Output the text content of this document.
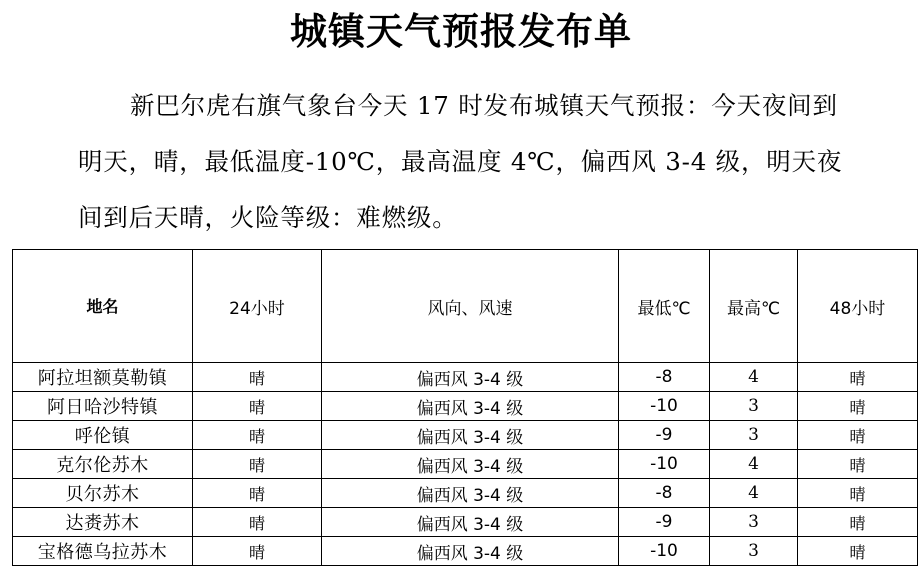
城镇天气预报发布单

新巴尔虎右旗气象台今天 17 时发布城镇天气预报：今天夜间到明天，晴，最低温度-10℃，最高温度 4℃，偏西风 3-4 级，明天夜间到后天晴，火险等级：难燃级。

地名	24小时	风向、风速	最低℃	最高℃	48小时
阿拉坦额莫勒镇	晴	偏西风 3-4 级	-8	4	晴
阿日哈沙特镇	晴	偏西风 3-4 级	-10	3	晴
呼伦镇	晴	偏西风 3-4 级	-9	3	晴
克尔伦苏木	晴	偏西风 3-4 级	-10	4	晴
贝尔苏木	晴	偏西风 3-4 级	-8	4	晴
达赉苏木	晴	偏西风 3-4 级	-9	3	晴
宝格德乌拉苏木	晴	偏西风 3-4 级	-10	3	晴
